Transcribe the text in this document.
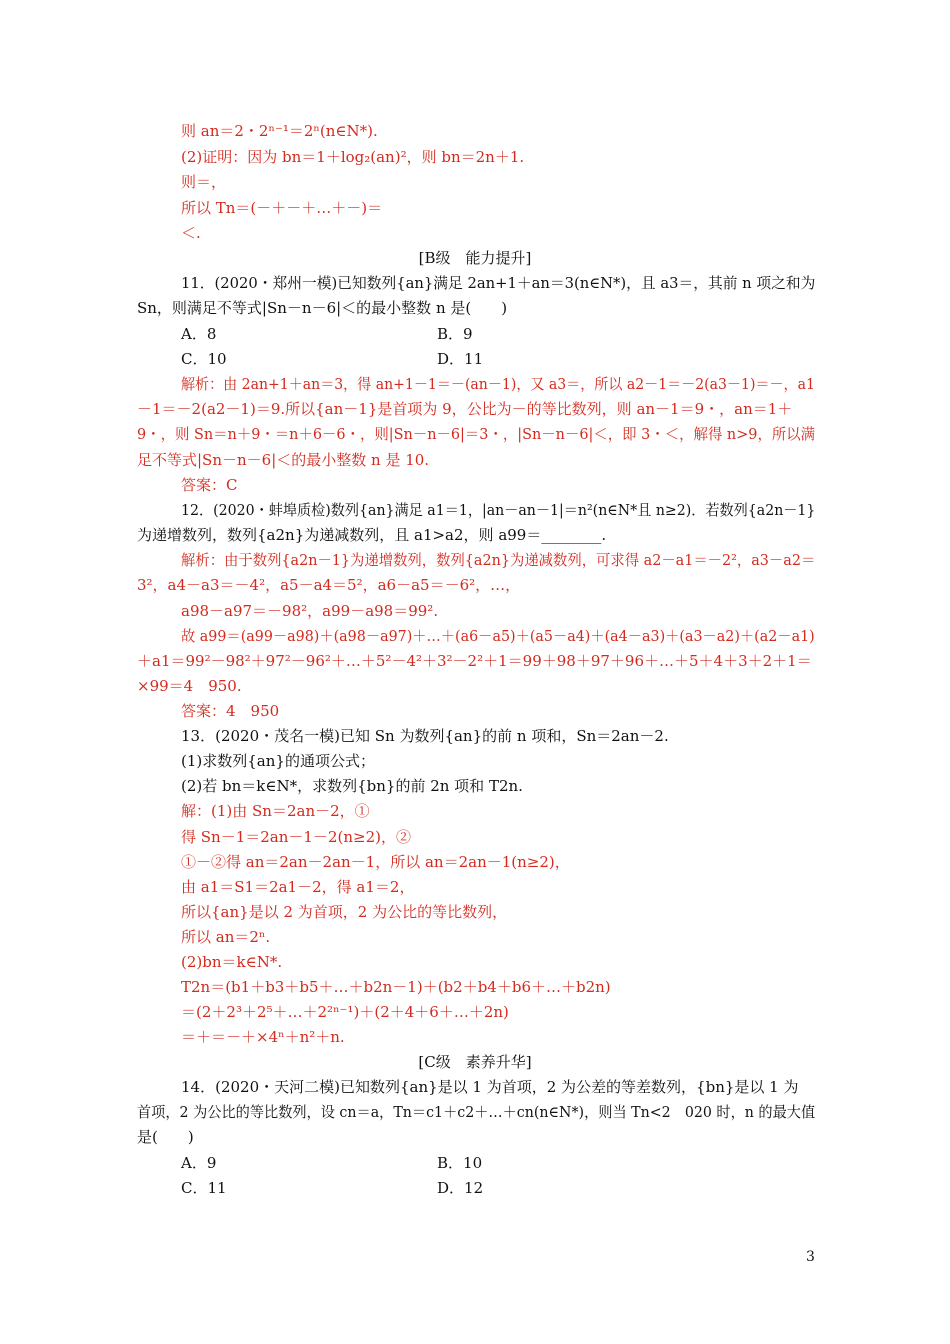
3
则 an＝2・2ⁿ⁻¹＝2ⁿ(n∈N*).
(2)证明：因为 bn＝1＋log₂(an)²，则 bn＝2n＋1.
则＝，
所以 Tn＝(－＋－＋…＋－)＝
＜.
[B级　能力提升]
11．(2020・郑州一模)已知数列{an}满足 2an+1＋an＝3(n∈N*)，且 a3＝，其前 n 项之和为
Sn，则满足不等式|Sn－n－6|＜的最小整数 n 是(　　)
A．8	B．9
C．10	D．11
解析：由 2an+1＋an＝3，得 an+1－1＝－(an－1)，又 a3＝，所以 a2－1＝－2(a3－1)＝－，a1
－1＝－2(a2－1)＝9.所以{an－1}是首项为 9，公比为－的等比数列，则 an－1＝9・，an＝1＋
9・，则 Sn＝n＋9・＝n＋6－6・，则|Sn－n－6|＝3・，|Sn－n－6|＜，即 3・＜，解得 n>9，所以满
足不等式|Sn－n－6|＜的最小整数 n 是 10.
答案：C
12．(2020・蚌埠质检)数列{an}满足 a1＝1，|an－an－1|＝n²(n∈N*且 n≥2)．若数列{a2n－1}
为递增数列，数列{a2n}为递减数列，且 a1>a2，则 a99＝________.
解析：由于数列{a2n－1}为递增数列，数列{a2n}为递减数列，可求得 a2－a1＝－2²，a3－a2＝
3²，a4－a3＝－4²，a5－a4＝5²，a6－a5＝－6²，…，
a98－a97＝－98²，a99－a98＝99².
故 a99＝(a99－a98)＋(a98－a97)＋…＋(a6－a5)＋(a5－a4)＋(a4－a3)＋(a3－a2)＋(a2－a1)
＋a1＝99²－98²＋97²－96²＋…＋5²－4²＋3²－2²＋1＝99＋98＋97＋96＋…＋5＋4＋3＋2＋1＝
×99＝4　950.
答案：4　950
13．(2020・茂名一模)已知 Sn 为数列{an}的前 n 项和，Sn＝2an－2.
(1)求数列{an}的通项公式；
(2)若 bn＝k∈N*，求数列{bn}的前 2n 项和 T2n.
解：(1)由 Sn＝2an－2，①
得 Sn－1＝2an－1－2(n≥2)，②
①－②得 an＝2an－2an－1，所以 an＝2an－1(n≥2)，
由 a1＝S1＝2a1－2，得 a1＝2，
所以{an}是以 2 为首项，2 为公比的等比数列，
所以 an＝2ⁿ.
(2)bn＝k∈N*.
T2n＝(b1＋b3＋b5＋…＋b2n－1)＋(b2＋b4＋b6＋…＋b2n)
＝(2＋2³＋2⁵＋…＋2²ⁿ⁻¹)＋(2＋4＋6＋…＋2n)
＝＋＝－＋×4ⁿ＋n²＋n.
[C级　素养升华]
14．(2020・天河二模)已知数列{an}是以 1 为首项，2 为公差的等差数列，{bn}是以 1 为
首项，2 为公比的等比数列，设 cn＝a，Tn＝c1＋c2＋…＋cn(n∈N*)，则当 Tn<2　020 时，n 的最大值
是(　　)
A．9	B．10
C．11	D．12
